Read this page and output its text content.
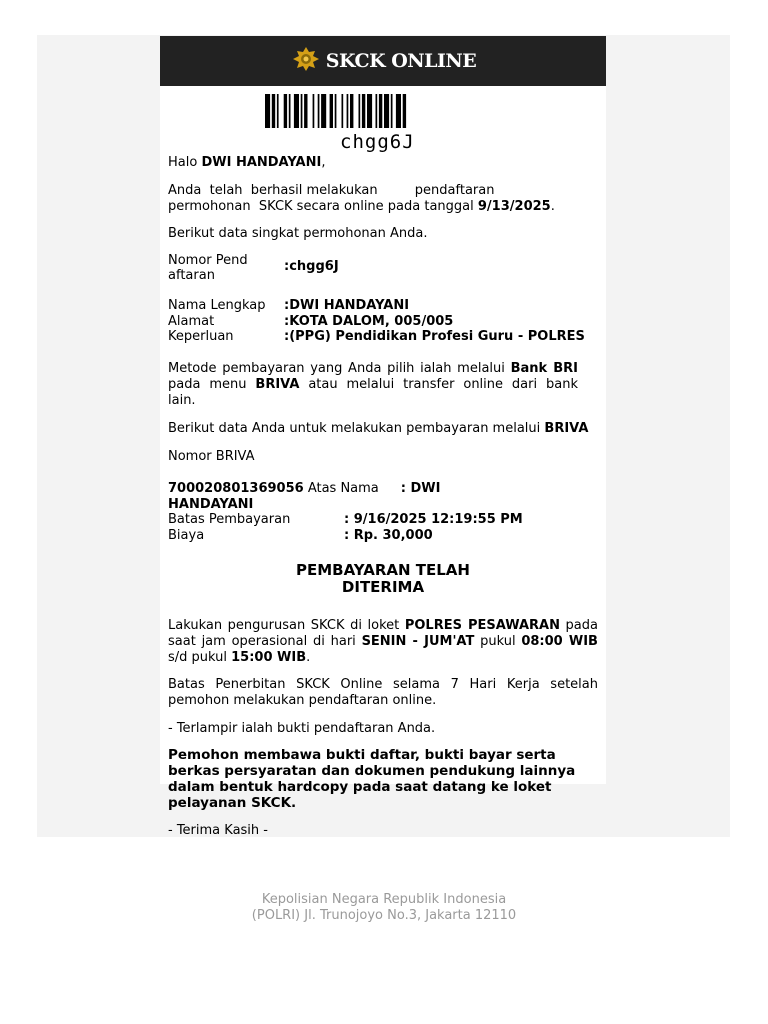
SKCK ONLINE
chgg6J
Halo DWI HANDAYANI,
Anda  telah  berhasil melakukan         pendaftaran
permohonan  SKCK secara online pada tanggal 9/13/2025.
Berikut data singkat permohonan Anda.
Nomor Pendaftaran
:chgg6J
Nama Lengkap :DWI HANDAYANI
Alamat	:KOTA DALOM, 005/005
Keperluan	:(PPG) Pendidikan Profesi Guru - POLRES
Metode pembayaran yang Anda pilih ialah melalui Bank BRI pada menu BRIVA atau melalui transfer online dari bank lain.
Berikut data Anda untuk melakukan pembayaran melalui BRIVA
Nomor BRIVA
700020801369056 Atas Nama : DWI HANDAYANI
Batas Pembayaran	: 9/16/2025 12:19:55 PM
Biaya	: Rp. 30,000
PEMBAYARAN TELAH
DITERIMA
Lakukan pengurusan SKCK di loket POLRES PESAWARAN pada saat jam operasional di hari SENIN - JUM'AT pukul 08:00 WIB s/d pukul 15:00 WIB.
Batas Penerbitan SKCK Online selama 7 Hari Kerja setelah pemohon melakukan pendaftaran online.
- Terlampir ialah bukti pendaftaran Anda.
Pemohon membawa bukti daftar, bukti bayar serta berkas persyaratan dan dokumen pendukung lainnya dalam bentuk hardcopy pada saat datang ke loket pelayanan SKCK.
- Terima Kasih -
Kepolisian Negara Republik Indonesia
(POLRI) Jl. Trunojoyo No.3, Jakarta 12110
